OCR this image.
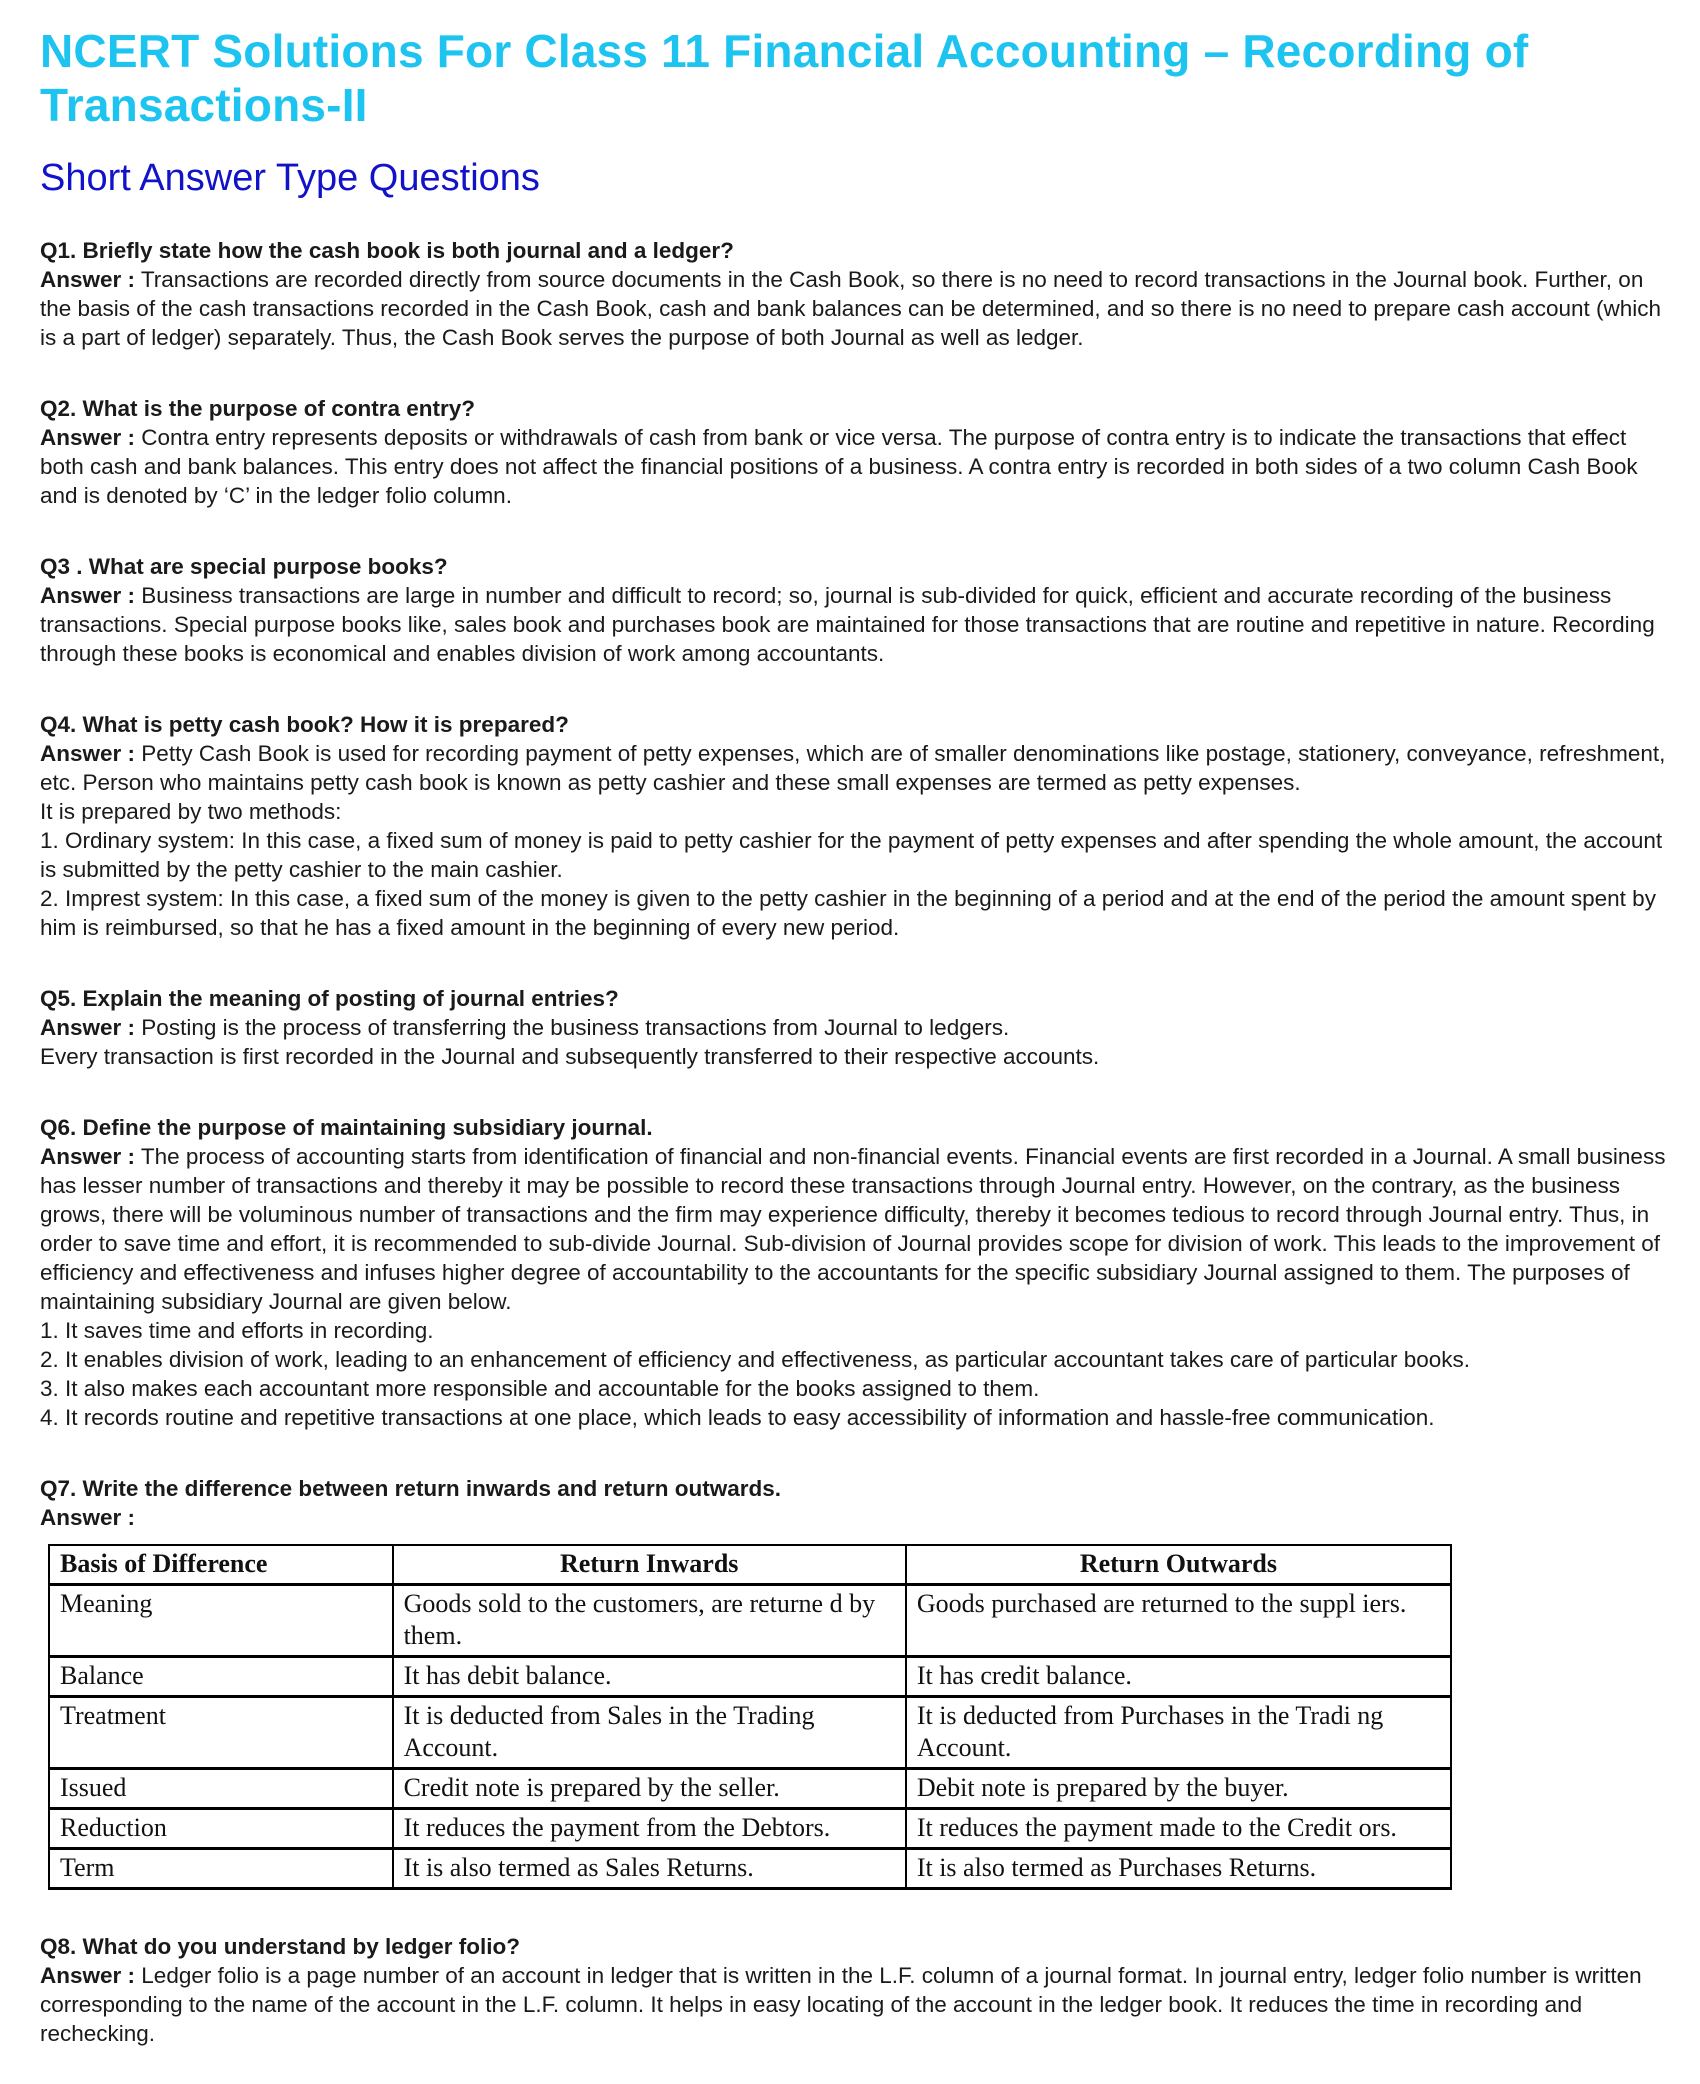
NCERT Solutions For Class 11 Financial Accounting – Recording of Transactions-II
Short Answer Type Questions

Q1. Briefly state how the cash book is both journal and a ledger?

Answer : Transactions are recorded directly from source documents in the Cash Book, so there is no need to record transactions in the Journal book. Further, on the basis of the cash transactions recorded in the Cash Book, cash and bank balances can be determined, and so there is no need to prepare cash account (which is a part of ledger) separately. Thus, the Cash Book serves the purpose of both Journal as well as ledger.

Q2. What is the purpose of contra entry?

Answer : Contra entry represents deposits or withdrawals of cash from bank or vice versa. The purpose of contra entry is to indicate the transactions that effect both cash and bank balances. This entry does not affect the financial positions of a business. A contra entry is recorded in both sides of a two column Cash Book and is denoted by ‘C’ in the ledger folio column.

Q3 . What are special purpose books?

Answer : Business transactions are large in number and difficult to record; so, journal is sub-divided for quick, efficient and accurate recording of the business transactions. Special purpose books like, sales book and purchases book are maintained for those transactions that are routine and repetitive in nature. Recording through these books is economical and enables division of work among accountants.

Q4. What is petty cash book? How it is prepared?

Answer : Petty Cash Book is used for recording payment of petty expenses, which are of smaller denominations like postage, stationery, conveyance, refreshment, etc. Person who maintains petty cash book is known as petty cashier and these small expenses are termed as petty expenses.

It is prepared by two methods:

1. Ordinary system: In this case, a fixed sum of money is paid to petty cashier for the payment of petty expenses and after spending the whole amount, the account is submitted by the petty cashier to the main cashier.

2. Imprest system: In this case, a fixed sum of the money is given to the petty cashier in the beginning of a period and at the end of the period the amount spent by him is reimbursed, so that he has a fixed amount in the beginning of every new period.

Q5. Explain the meaning of posting of journal entries?

Answer : Posting is the process of transferring the business transactions from Journal to ledgers.

Every transaction is first recorded in the Journal and subsequently transferred to their respective accounts.

Q6. Define the purpose of maintaining subsidiary journal.

Answer : The process of accounting starts from identification of financial and non-financial events. Financial events are first recorded in a Journal. A small business has lesser number of transactions and thereby it may be possible to record these transactions through Journal entry. However, on the contrary, as the business grows, there will be voluminous number of transactions and the firm may experience difficulty, thereby it becomes tedious to record through Journal entry. Thus, in order to save time and effort, it is recommended to sub-divide Journal. Sub-division of Journal provides scope for division of work. This leads to the improvement of efficiency and effectiveness and infuses higher degree of accountability to the accountants for the specific subsidiary Journal assigned to them. The purposes of maintaining subsidiary Journal are given below.

1. It saves time and efforts in recording.

2. It enables division of work, leading to an enhancement of efficiency and effectiveness, as particular accountant takes care of particular books.

3. It also makes each accountant more responsible and accountable for the books assigned to them.

4. It records routine and repetitive transactions at one place, which leads to easy accessibility of information and hassle-free communication.

Q7. Write the difference between return inwards and return outwards.

Answer :

Basis of Difference	Return Inwards	Return Outwards
Meaning	Goods sold to the customers, are returne d by them.	Goods purchased are returned to the suppl iers.
Balance	It has debit balance.	It has credit balance.
Treatment	It is deducted from Sales in the Trading Account.	It is deducted from Purchases in the Tradi ng Account.
Issued	Credit note is prepared by the seller.	Debit note is prepared by the buyer.
Reduction	It reduces the payment from the Debtors.	It reduces the payment made to the Credit ors.
Term	It is also termed as Sales Returns.	It is also termed as Purchases Returns.

Q8. What do you understand by ledger folio?

Answer : Ledger folio is a page number of an account in ledger that is written in the L.F. column of a journal format. In journal entry, ledger folio number is written corresponding to the name of the account in the L.F. column. It helps in easy locating of the account in the ledger book. It reduces the time in recording and rechecking.
